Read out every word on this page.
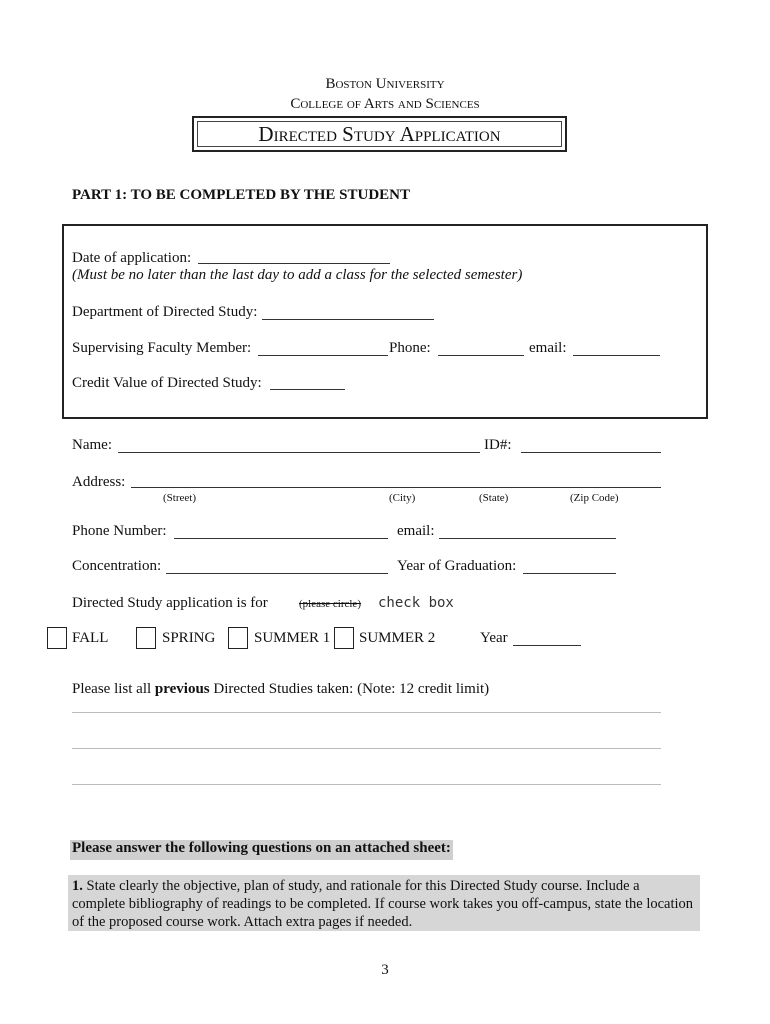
Boston University
College of Arts and Sciences
Directed Study Application
PART 1: TO BE COMPLETED BY THE STUDENT
Date of application:
(Must be no later than the last day to add a class for the selected semester)
Department of Directed Study:
Supervising Faculty Member:	Phone:	email:
Credit Value of Directed Study:
Name:	ID#:
Address:
(Street)	(City)	(State)	(Zip Code)
Phone Number:	email:
Concentration:	Year of Graduation:
Directed Study application is for	(please circle) check box
FALL	SPRING	SUMMER 1 SUMMER 2	Year
Please list all previous Directed Studies taken: (Note: 12 credit limit)
Please answer the following questions on an attached sheet:
1. State clearly the objective, plan of study, and rationale for this Directed Study course. Include a complete bibliography of readings to be completed. If course work takes you off-campus, state the location of the proposed course work. Attach extra pages if needed.
3
